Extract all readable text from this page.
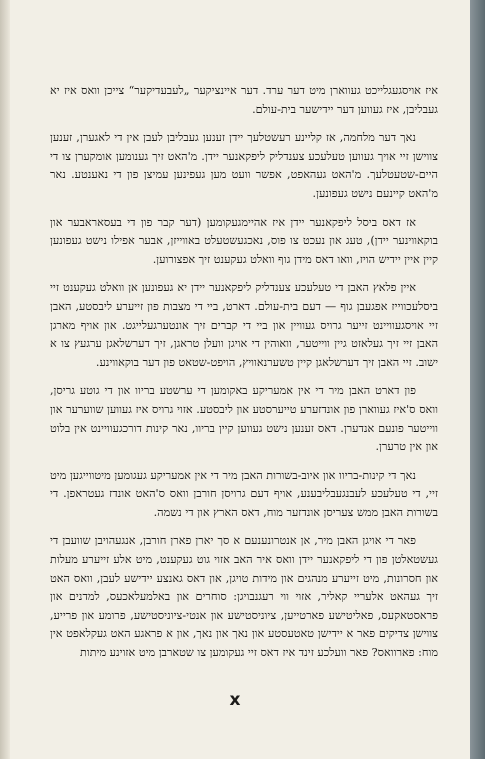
איז אויסגעגלייכט געווארן מיט דער ערד. דער איינציקער „לעבעדיקער“ צייכן וואס איז יא געבליבן, איז געווען דער יידישער בית-עולם.

נאך דער מלחמה, אז קליינע רעשטלעך יידן זענען געבליבן לעבן אין די לאגערן, זענען צווישן זיי אויך געווען טעלעכע צענדליק ליפקאנער יידן. מ'האט זיך גענומען אומקערן צו די היים-שטעטלעך. מ'האט געהאפט, אפשר וועט מען געפינען עמיצן פון די נאענטע. נאר מ'האט קיינעם נישט געפונען.

אז דאס ביסל ליפקאנער יידן איז אהיימגעקומען (דער קבר פון די בעסאראבער און בוקאווינער יידן), טעג און נעכט צו פוס, נאכגעשטעלט באווייזן, אבער אפילו נישט געפונען קיין איין יידיש הויז, וואו דאס מידן גוף וואלט געקענט זיך אפצורוען.

איין פלאץ האבן די טעלעכע צענדליק ליפקאנער יידן יא געפונען אן וואלט געקענט זיי ביסלעכווייז אפגעבן גוף — דעם בית-עולם. דארט, ביי די מצבות פון זייערע ליבסטע, האבן זיי אויסגעוויינט זייער גרויס געוויין און ביי די קברים זיך אונטערגעלייגט. און אויף מארגן האבן זיי זיך געלאזט גיין ווייטער, וואוהין די אויגן וועלן טראגן, זיך דערשלאגן ערגעץ צו א ישוב. זיי האבן זיך דערשלאגן קיין טשערנאוויץ, הויפט-שטאט פון דער בוקאווינע.

פון דארט האבן מיר די אין אמעריקע באקומען די ערשטע בריוו און די גוטע גריסן, וואס ס'איז געווארן פון אונדזערע טייערסטע און ליבסטע. אזוי גרויס איז געווען שווערער און ווייטער פונעם אנדערן. דאס זענען נישט געווען קיין בריוו, נאר קינות דורכגעוויינט אין בלוט און אין טרערן.

נאך די קינות-בריוו און איוב-בשורות האבן מיר די אין אמעריקע געגומען מיטווייגען מיט זיי, די טעלעכע לעבנגעבליבענע, אויף דעם גרויסן חורבן וואס ס'האט אונדז געטראפן. די בשורות האבן ממש צעריסן אונדזער מוח, דאס הארץ און די נשמה.

פאר די אויגן האבן מיר, אן אנטרונענעם א סך יארן פארן חורבן, אנגעהויבן שוועבן די געשטאלטן פון די ליפקאנער יידן וואס איר האב אזוי גוט געקענט, מיט אלע זייערע מעלות און חסרונות, מיט זייערע מנהגים און מידות טויגן, און דאס גאנצע יידישע לעבן, וואס האט זיך געהאט אלעריי קאליר, אזוי ווי רעגנבויגן: סוחרים און באלמעלאכעס, למדנים און פראסטאקעס, פאליטישע פארטייען, ציוניסטישע און אנטי-ציוניסטישע, פרומע און פרייע, צווישן צדיקים פאר א יידישן טאטעסטע און נאך און נאך, און א פראגע האט געקלאפט אין מוח: פארוואס? פאר וועלכע זינד איז דאס זיי געקומען צו שטארבן מיט אזוינע מיתות

x
